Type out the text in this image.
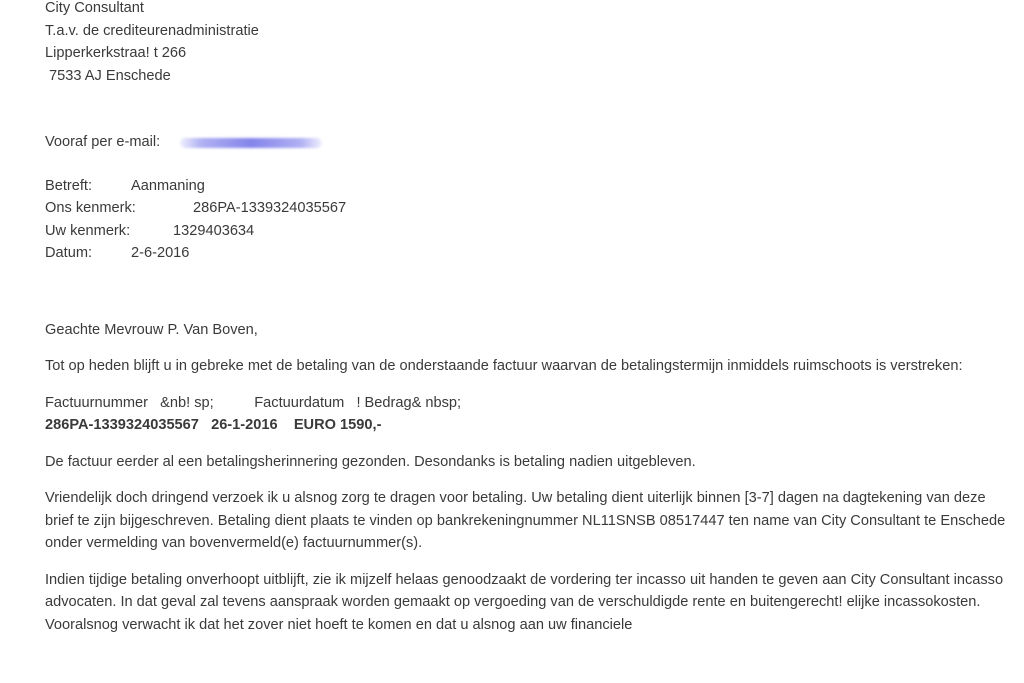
City Consultant
T.a.v. de crediteurenadministratie
Lipperkerkstraa! t 266
7533 AJ Enschede
Vooraf per e-mail:
Betreft:	Aanmaning
Ons kenmerk:	286PA-1339324035567
Uw kenmerk:	1329403634
Datum:	2-6-2016
Geachte Mevrouw P. Van Boven,

Tot op heden blijft u in gebreke met de betaling van de onderstaande factuur waarvan de betalingstermijn inmiddels ruimschoots is verstreken:

Factuurnummer   &nb! sp;          Factuurdatum   ! Bedrag& nbsp;
286PA-1339324035567   26-1-2016    EURO 1590,-

De factuur eerder al een betalingsherinnering gezonden. Desondanks is betaling nadien uitgebleven.

Vriendelijk doch dringend verzoek ik u alsnog zorg te dragen voor betaling. Uw betaling dient uiterlijk binnen [3-7] dagen na dagtekening van deze brief te zijn bijgeschreven. Betaling dient plaats te vinden op bankrekeningnummer NL11SNSB 08517447 ten name van City Consultant te Enschede onder vermelding van bovenvermeld(e) factuurnummer(s).

Indien tijdige betaling onverhoopt uitblijft, zie ik mijzelf helaas genoodzaakt de vordering ter incasso uit handen te geven aan City Consultant incasso advocaten. In dat geval zal tevens aanspraak worden gemaakt op vergoeding van de verschuldigde rente en buitengerecht! elijke incassokosten. Vooralsnog verwacht ik dat het zover niet hoeft te komen en dat u alsnog aan uw financiele
